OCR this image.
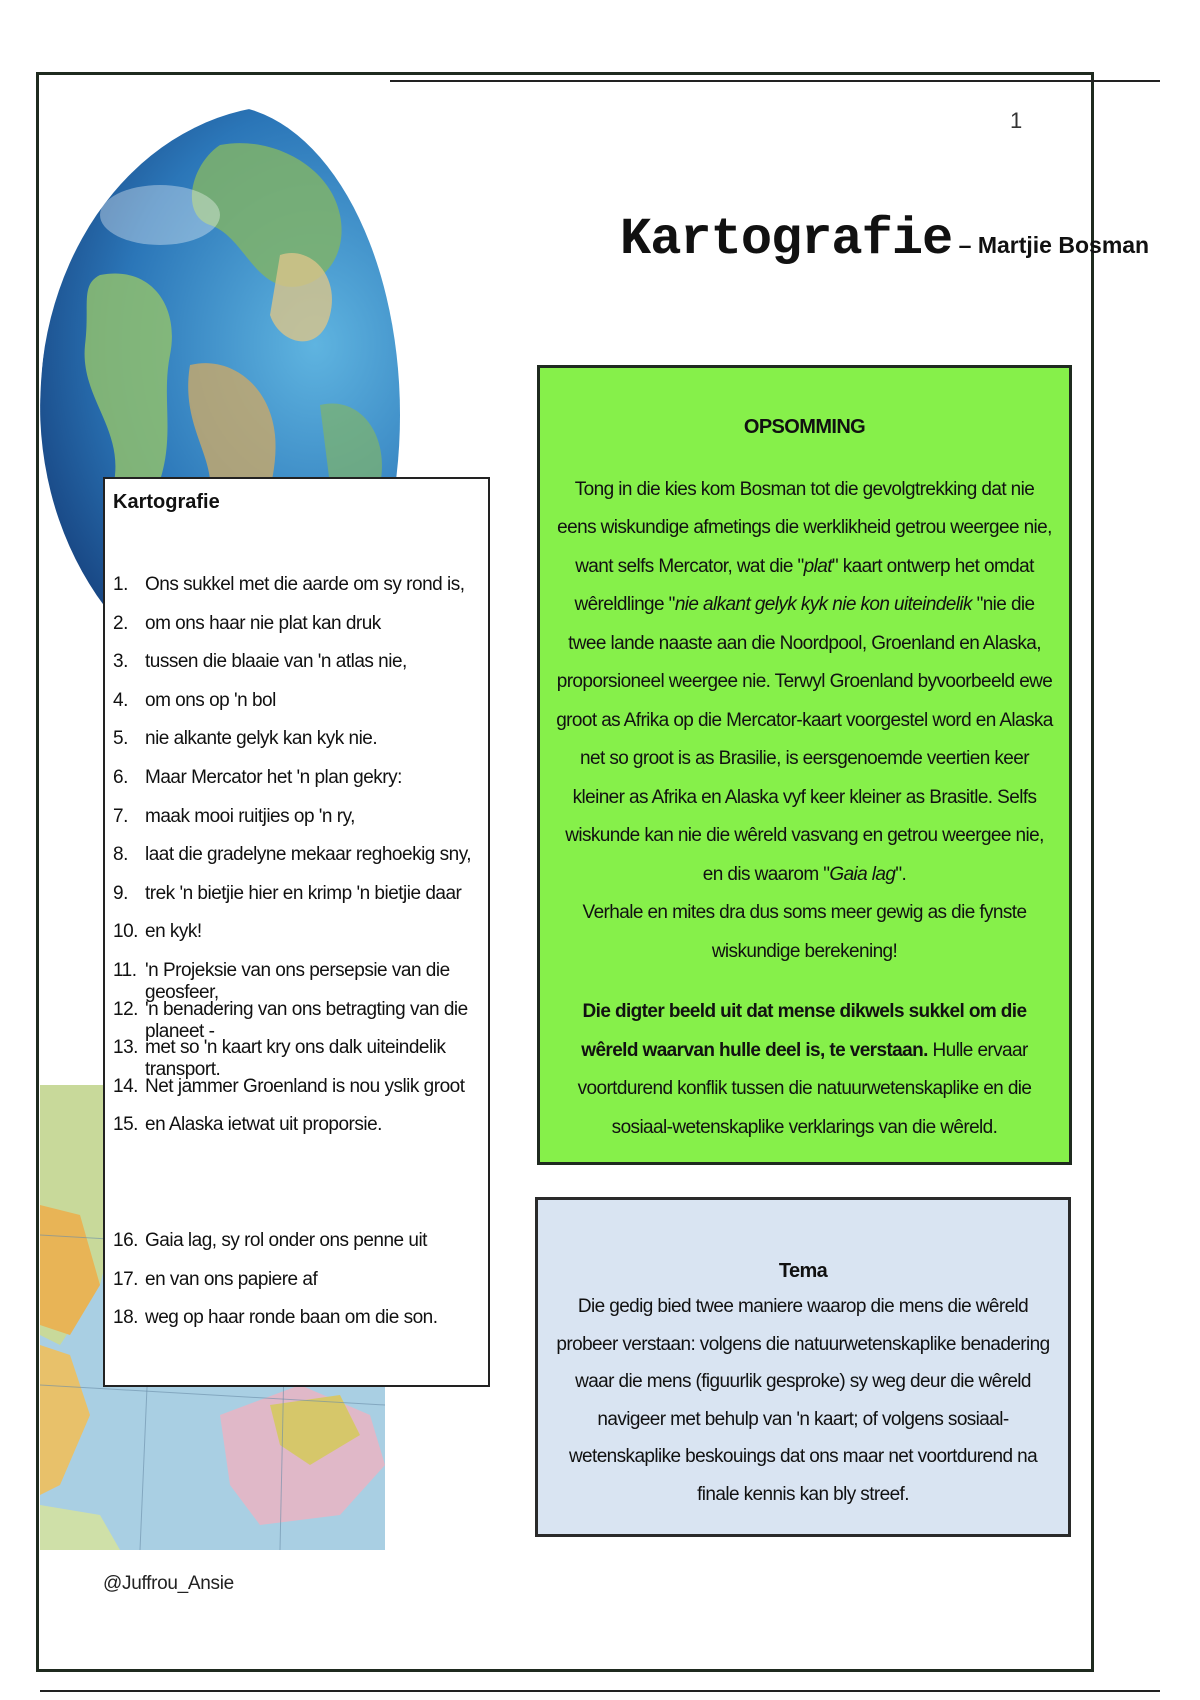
1
Kartografie – Martjie Bosman
Kartografie
1. Ons sukkel met die aarde om sy rond is,
2. om ons haar nie plat kan druk
3. tussen die blaaie van 'n atlas nie,
4. om ons op 'n bol
5. nie alkante gelyk kan kyk nie.
6. Maar Mercator het 'n plan gekry:
7. maak mooi ruitjies op 'n ry,
8. laat die gradelyne mekaar reghoekig sny,
9. trek 'n bietjie hier en krimp 'n bietjie daar
10. en kyk!
11. 'n Projeksie van ons persepsie van die geosfeer,
12. 'n benadering van ons betragting van die planeet -
13. met so 'n kaart kry ons dalk uiteindelik transport.
14. Net jammer Groenland is nou yslik groot
15. en Alaska ietwat uit proporsie.
16. Gaia lag, sy rol onder ons penne uit
17. en van ons papiere af
18. weg op haar ronde baan om die son.
OPSOMMING

Tong in die kies kom Bosman tot die gevolgtrekking dat nie eens wiskundige afmetings die werklikheid getrou weergee nie, want selfs Mercator, wat die "plat" kaart ontwerp het omdat wêreldlinge "nie alkant gelyk kyk nie kon uiteindelik "nie die twee lande naaste aan die Noordpool, Groenland en Alaska, proporsioneel weergee nie. Terwyl Groenland byvoorbeeld ewe groot as Afrika op die Mercator-kaart voorgestel word en Alaska net so groot is as Brasilie, is eersgenoemde veertien keer kleiner as Afrika en Alaska vyf keer kleiner as Brasitle. Selfs wiskunde kan nie die wêreld vasvang en getrou weergee nie, en dis waarom "Gaia lag".

Verhale en mites dra dus soms meer gewig as die fynste wiskundige berekening!

Die digter beeld uit dat mense dikwels sukkel om die wêreld waarvan hulle deel is, te verstaan. Hulle ervaar voortdurend konflik tussen die natuurwetenskaplike en die sosiaal-wetenskaplike verklarings van die wêreld.

Tema
Die gedig bied twee maniere waarop die mens die wêreld probeer verstaan: volgens die natuurwetenskaplike benadering waar die mens (figuurlik gesproke) sy weg deur die wêreld navigeer met behulp van 'n kaart; of volgens sosiaal-wetenskaplike beskouings dat ons maar net voortdurend na finale kennis kan bly streef.
@Juffrou_Ansie
